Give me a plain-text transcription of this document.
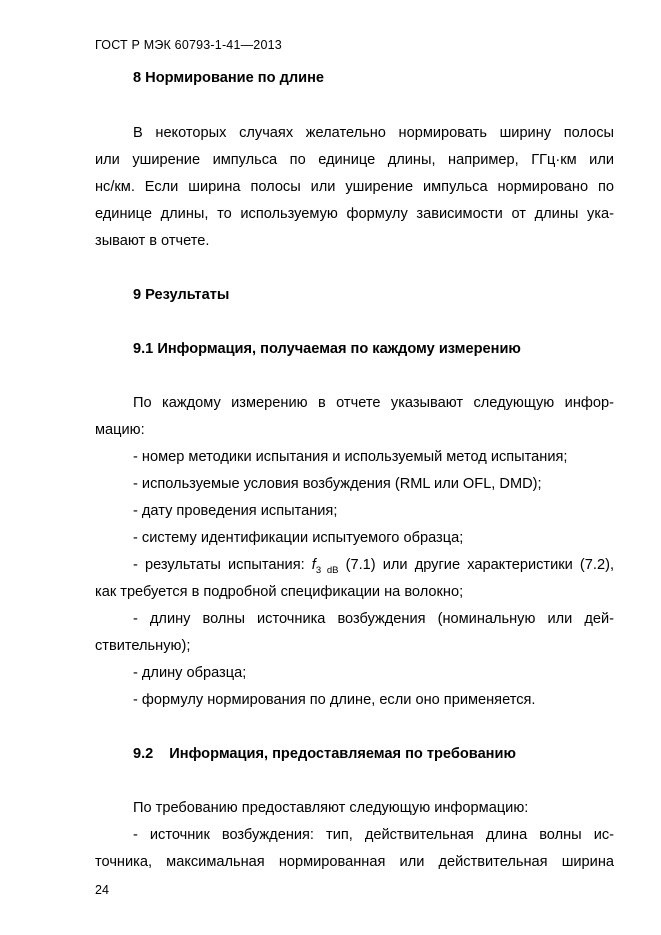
ГОСТ Р МЭК 60793-1-41—2013
8 Нормирование по длине
В некоторых случаях желательно нормировать ширину полосы
или уширение импульса по единице длины, например, ГГц·км или
нс/км. Если ширина полосы или уширение импульса нормировано по
единице длины, то используемую формулу зависимости от длины ука-
зывают в отчете.
9 Результаты
9.1 Информация, получаемая по каждому измерению
По каждому измерению в отчете указывают следующую инфор-
мацию:
- номер методики испытания и используемый метод испытания;
- используемые условия возбуждения (RML или OFL, DMD);
- дату проведения испытания;
- систему идентификации испытуемого образца;
- результаты испытания: $f_{3 dB}$ (7.1) или другие характеристики (7.2),
как требуется в подробной спецификации на волокно;
- длину волны источника возбуждения (номинальную или дей-
ствительную);
- длину образца;
- формулу нормирования по длине, если оно применяется.
9.2 Информация, предоставляемая по требованию
По требованию предоставляют следующую информацию:
- источник возбуждения: тип, действительная длина волны ис-
точника, максимальная нормированная или действительная ширина
24
